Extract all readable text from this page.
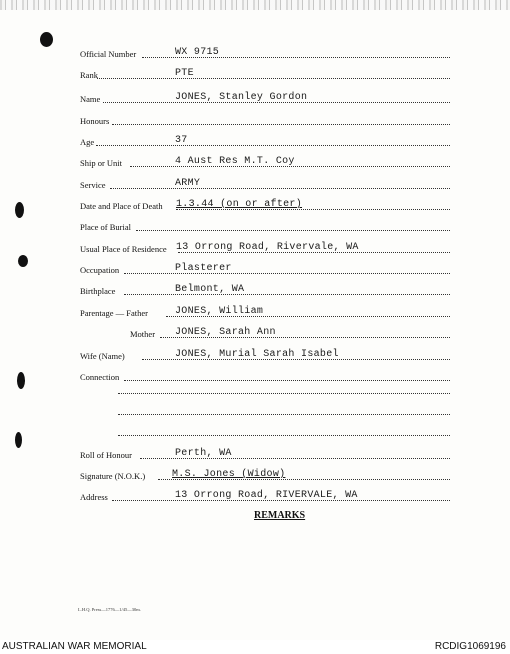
Official Number	WX 9715
Rank	PTE
Name	JONES, Stanley Gordon
Honours
Age	37
Ship or Unit	4 Aust Res M.T. Coy
Service	ARMY
Date and Place of Death 1.3.44 (on or after)
Place of Burial
Usual Place of Residence 13 Orrong Road, Rivervale, WA
Occupation	Plasterer
Birthplace	Belmont, WA
Parentage — Father	JONES, William
Mother JONES, Sarah Ann
Wife (Name)	JONES, Murial Sarah Isabel
Connection
Roll of Honour	Perth, WA
Signature (N.O.K.)	M.S. Jones (Widow)
Address	13 Orrong Road, RIVERVALE, WA
REMARKS
L.H.Q. Press—1776—1/45—30m.
AUSTRALIAN WAR MEMORIAL	RCDIG1069196
